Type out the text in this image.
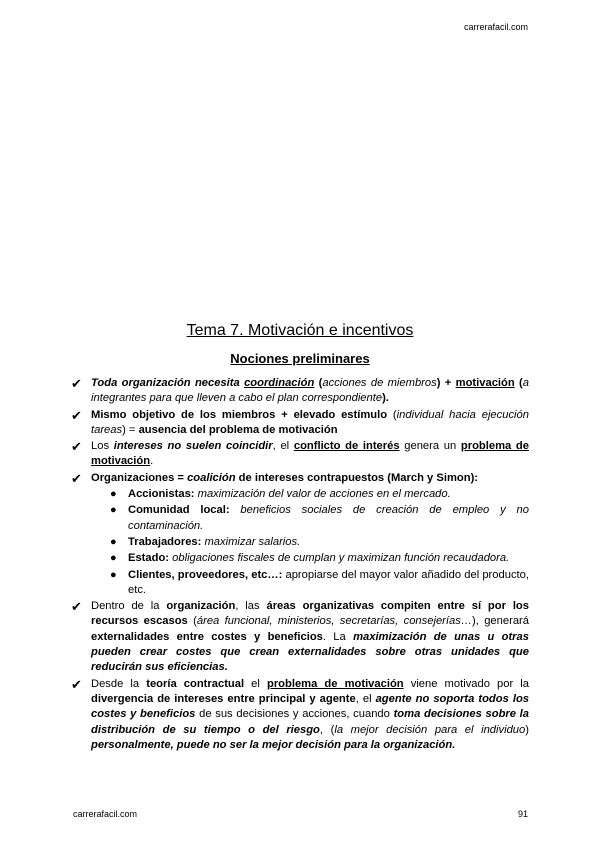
carrerafacil.com
Tema 7. Motivación e incentivos
Nociones preliminares
✔ Toda organización necesita coordinación (acciones de miembros) + motivación (a integrantes para que lleven a cabo el plan correspondiente).
✔ Mismo objetivo de los miembros + elevado estímulo (individual hacia ejecución tareas) = ausencia del problema de motivación
✔ Los intereses no suelen coincidir, el conflicto de interés genera un problema de motivación.
✔ Organizaciones = coalición de intereses contrapuestos (March y Simon):
● Accionistas: maximización del valor de acciones en el mercado.
● Comunidad local: beneficios sociales de creación de empleo y no contaminación.
● Trabajadores: maximizar salarios.
● Estado: obligaciones fiscales de cumplan y maximizan función recaudadora.
● Clientes, proveedores, etc…: apropiarse del mayor valor añadido del producto, etc.
✔ Dentro de la organización, las áreas organizativas compiten entre sí por los recursos escasos (área funcional, ministerios, secretarías, consejerías…), generará externalidades entre costes y beneficios. La maximización de unas u otras pueden crear costes que crean externalidades sobre otras unidades que reducirán sus eficiencias.
✔ Desde la teoría contractual el problema de motivación viene motivado por la divergencia de intereses entre principal y agente, el agente no soporta todos los costes y beneficios de sus decisiones y acciones, cuando toma decisiones sobre la distribución de su tiempo o del riesgo, (la mejor decisión para el individuo) personalmente, puede no ser la mejor decisión para la organización.
carrerafacil.com	91
